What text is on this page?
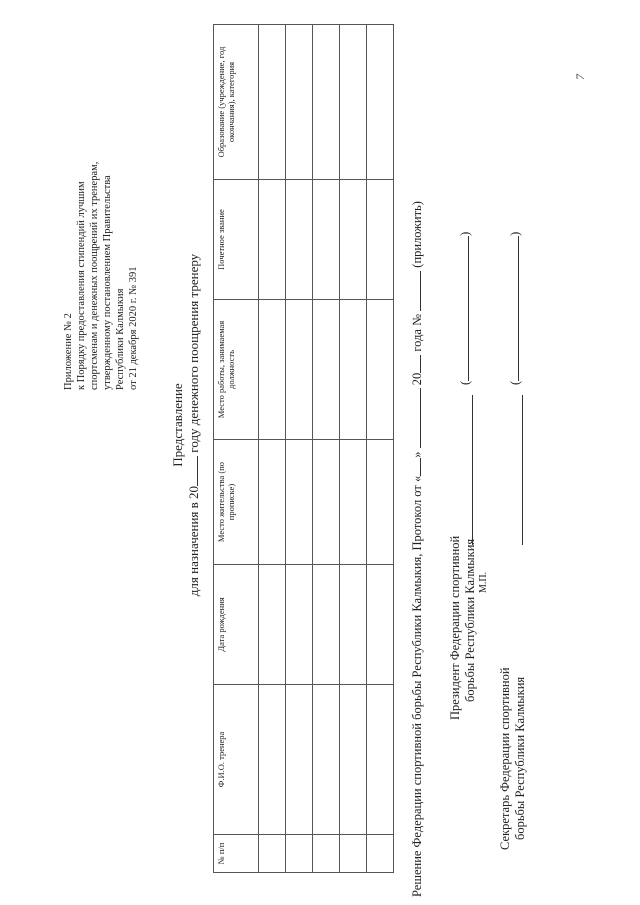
Приложение № 2 к Порядку предоставления стипендий лучшим спортсменам и денежных поощрений их тренерам, утвержденному постановлением Правительства Республики Калмыкия от 21 декабря 2020 г. № 391
Представление
для назначения в 20 году денежного поощрения тренеру
№ п/п	Ф.И.О. тренера	Дата рождения	Место жительства (по прописке)	Место работы, занимаемая должность	Почетное звание	Образование (учреждение, год окончания), категория

Решение Федерации спортивной борьбы Республики Калмыкия, Протокол от «»  20 года №  (приложить)
Президент Федерации спортивной борьбы Республики Калмыкия М.П.
()
Секретарь Федерации спортивной борьбы Республики Калмыкия
()
7
